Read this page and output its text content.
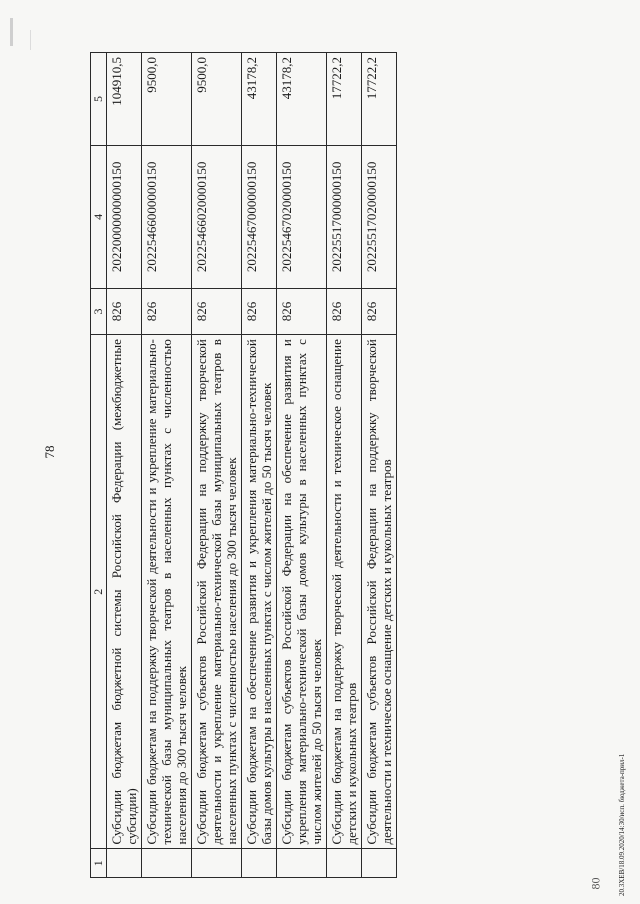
78
1	2	3	4	5
	Субсидии бюджетам бюджетной системы Российской Федерации (межбюджетные субсидии)	826	20220000000000150	104910,5
	Субсидии бюджетам на поддержку творческой деятельности и укрепление материально-технической базы муниципальных театров в населенных пунктах с численностью населения до 300 тысяч человек	826	20225466000000150	9500,0
	Субсидии бюджетам субъектов Российской Федерации на поддержку творческой деятельности и укрепление материально-технической базы муниципальных театров в населенных пунктах с численностью населения до 300 тысяч человек	826	20225466020000150	9500,0
	Субсидии бюджетам на обеспечение развития и укрепления материально-технической базы домов культуры в населенных пунктах с числом жителей до 50 тысяч человек	826	20225467000000150	43178,2
	Субсидии бюджетам субъектов Российской Федерации на обеспечение развития и укрепления материально-технической базы домов культуры в населенных пунктах с числом жителей до 50 тысяч человек	826	20225467020000150	43178,2
	Субсидии бюджетам на поддержку творческой деятельности и техническое оснащение детских и кукольных театров	826	20225517000000150	17722,2
	Субсидии бюджетам субъектов Российской Федерации на поддержку творческой деятельности и техническое оснащение детских и кукольных театров	826	20225517020000150	17722,2
20.3XEB/18.09.2020/14:30/исп. бюджета-прил-1
80
